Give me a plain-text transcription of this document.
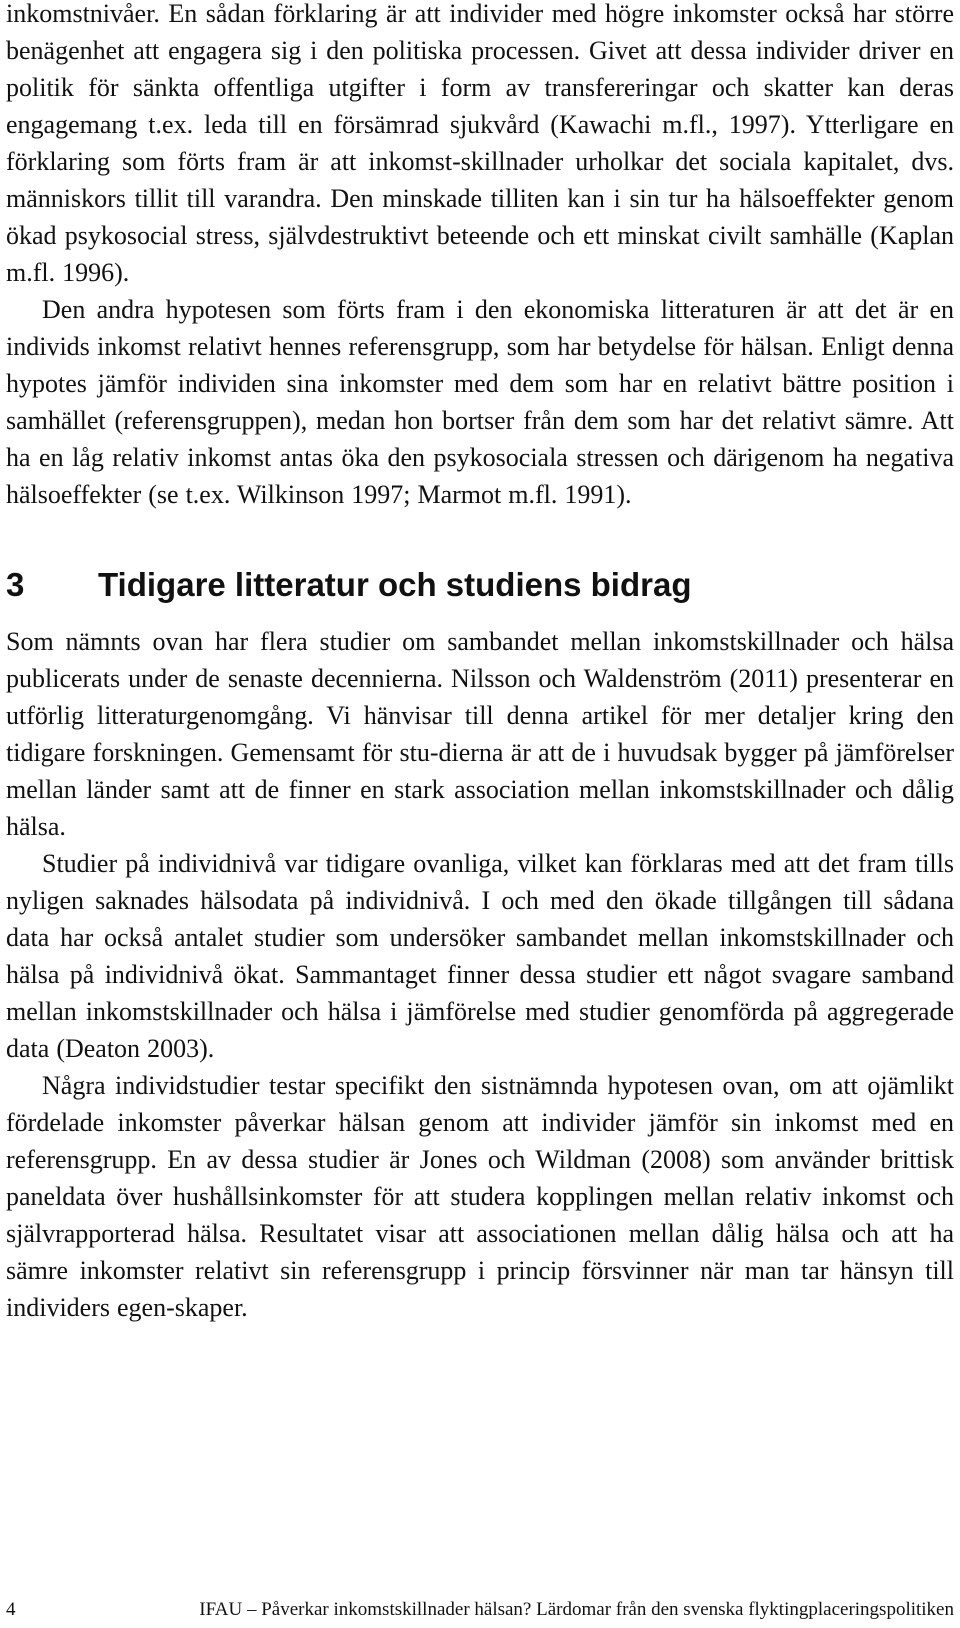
inkomstnivåer. En sådan förklaring är att individer med högre inkomster också har större benägenhet att engagera sig i den politiska processen. Givet att dessa individer driver en politik för sänkta offentliga utgifter i form av transfereringar och skatter kan deras engagemang t.ex. leda till en försämrad sjukvård (Kawachi m.fl., 1997). Ytterligare en förklaring som förts fram är att inkomst-skillnader urholkar det sociala kapitalet, dvs. människors tillit till varandra. Den minskade tilliten kan i sin tur ha hälsoeffekter genom ökad psykosocial stress, självdestruktivt beteende och ett minskat civilt samhälle (Kaplan m.fl. 1996).

Den andra hypotesen som förts fram i den ekonomiska litteraturen är att det är en individs inkomst relativt hennes referensgrupp, som har betydelse för hälsan. Enligt denna hypotes jämför individen sina inkomster med dem som har en relativt bättre position i samhället (referensgruppen), medan hon bortser från dem som har det relativt sämre. Att ha en låg relativ inkomst antas öka den psykosociala stressen och därigenom ha negativa hälsoeffekter (se t.ex. Wilkinson 1997; Marmot m.fl. 1991).

3	Tidigare litteratur och studiens bidrag

Som nämnts ovan har flera studier om sambandet mellan inkomstskillnader och hälsa publicerats under de senaste decennierna. Nilsson och Waldenström (2011) presenterar en utförlig litteraturgenomgång. Vi hänvisar till denna artikel för mer detaljer kring den tidigare forskningen. Gemensamt för stu-dierna är att de i huvudsak bygger på jämförelser mellan länder samt att de finner en stark association mellan inkomstskillnader och dålig hälsa.

Studier på individnivå var tidigare ovanliga, vilket kan förklaras med att det fram tills nyligen saknades hälsodata på individnivå. I och med den ökade tillgången till sådana data har också antalet studier som undersöker sambandet mellan inkomstskillnader och hälsa på individnivå ökat. Sammantaget finner dessa studier ett något svagare samband mellan inkomstskillnader och hälsa i jämförelse med studier genomförda på aggregerade data (Deaton 2003).

Några individstudier testar specifikt den sistnämnda hypotesen ovan, om att ojämlikt fördelade inkomster påverkar hälsan genom att individer jämför sin inkomst med en referensgrupp. En av dessa studier är Jones och Wildman (2008) som använder brittisk paneldata över hushållsinkomster för att studera kopplingen mellan relativ inkomst och självrapporterad hälsa. Resultatet visar att associationen mellan dålig hälsa och att ha sämre inkomster relativt sin referensgrupp i princip försvinner när man tar hänsyn till individers egen-skaper.

4	IFAU – Påverkar inkomstskillnader hälsan? Lärdomar från den svenska flyktingplaceringspolitiken
